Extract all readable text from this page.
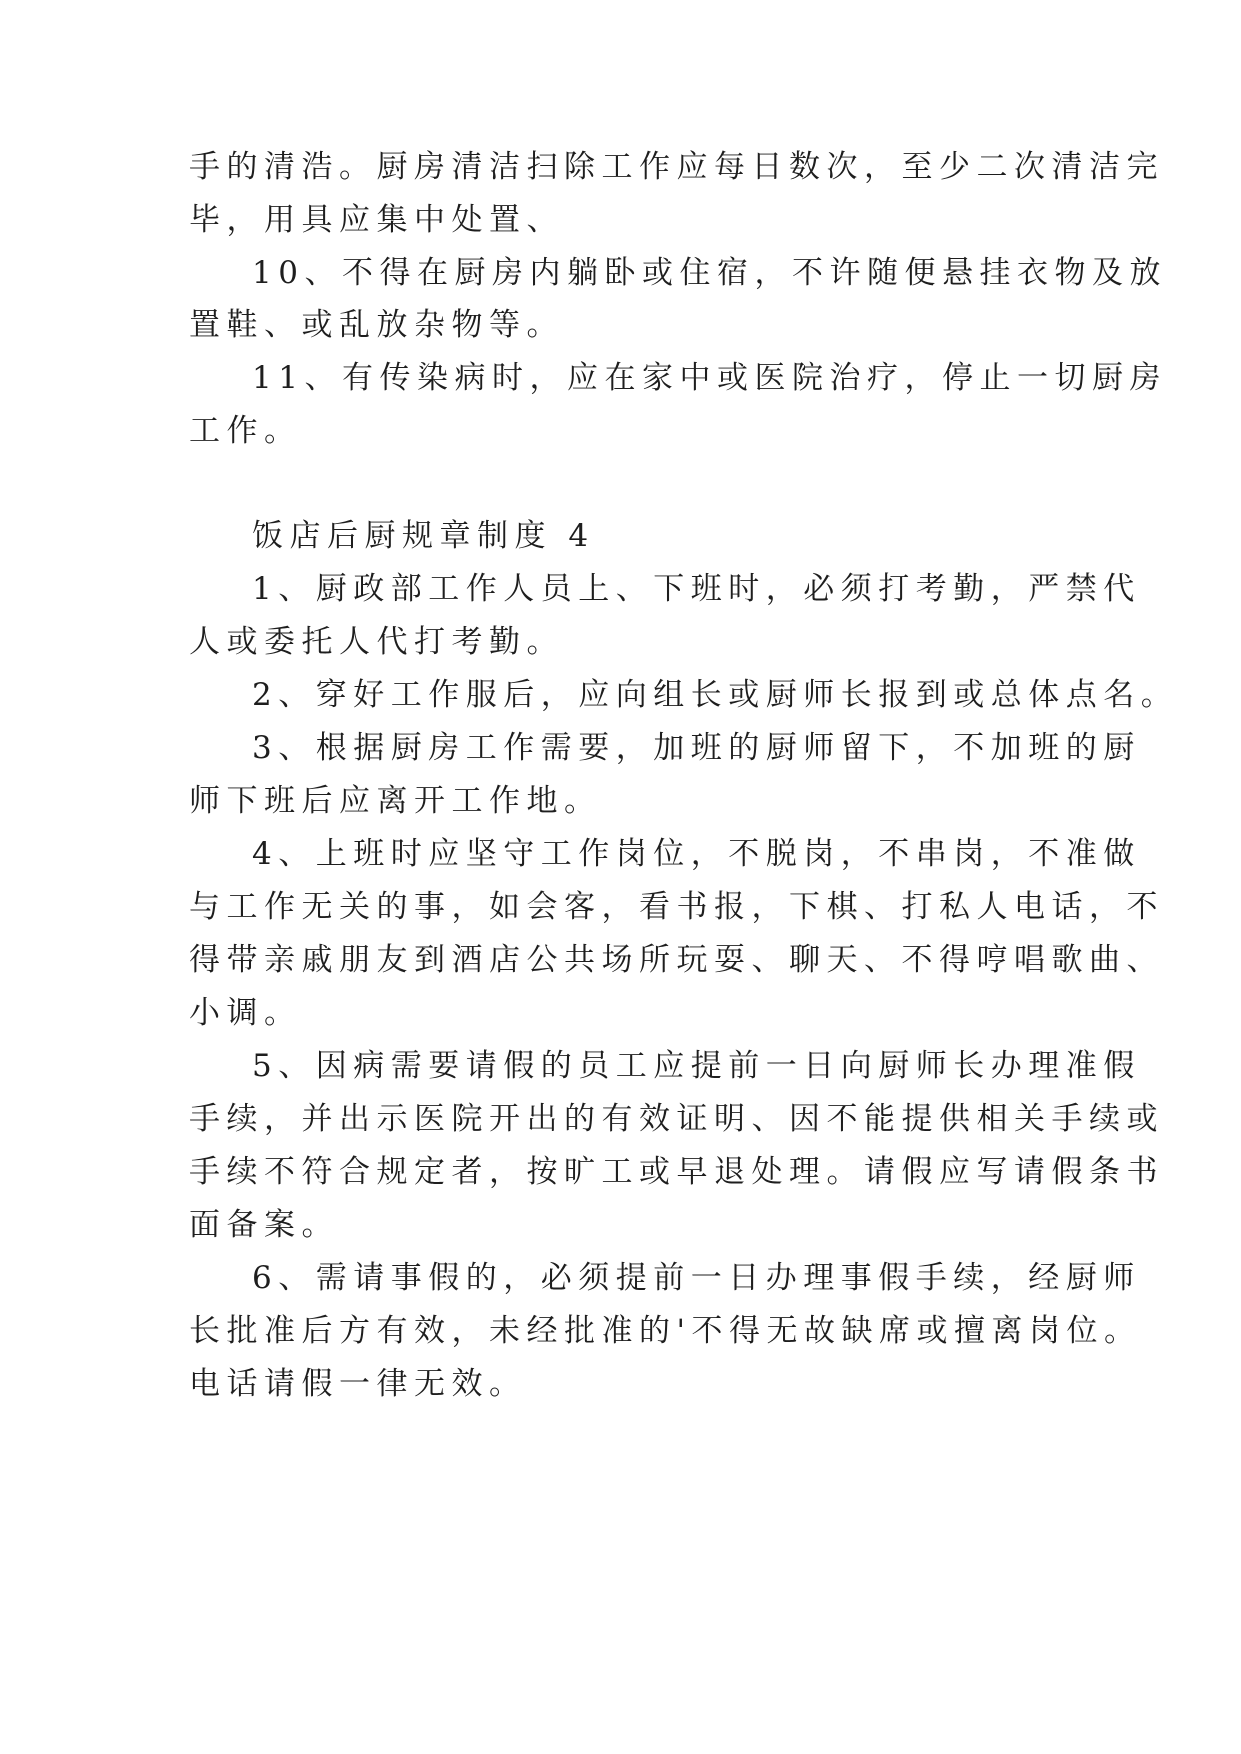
手的清浩。厨房清洁扫除工作应每日数次，至少二次清洁完
毕，用具应集中处置、
10、不得在厨房内躺卧或住宿，不许随便悬挂衣物及放
置鞋、或乱放杂物等。
11、有传染病时，应在家中或医院治疗，停止一切厨房
工作。
饭店后厨规章制度 4
1、厨政部工作人员上、下班时，必须打考勤，严禁代
人或委托人代打考勤。
2、穿好工作服后，应向组长或厨师长报到或总体点名。
3、根据厨房工作需要，加班的厨师留下，不加班的厨
师下班后应离开工作地。
4、上班时应坚守工作岗位，不脱岗，不串岗，不准做
与工作无关的事，如会客，看书报，下棋、打私人电话，不
得带亲戚朋友到酒店公共场所玩耍、聊天、不得哼唱歌曲、
小调。
5、因病需要请假的员工应提前一日向厨师长办理准假
手续，并出示医院开出的有效证明、因不能提供相关手续或
手续不符合规定者，按旷工或早退处理。请假应写请假条书
面备案。
6、需请事假的，必须提前一日办理事假手续，经厨师
长批准后方有效，未经批准的'不得无故缺席或擅离岗位。
电话请假一律无效。
